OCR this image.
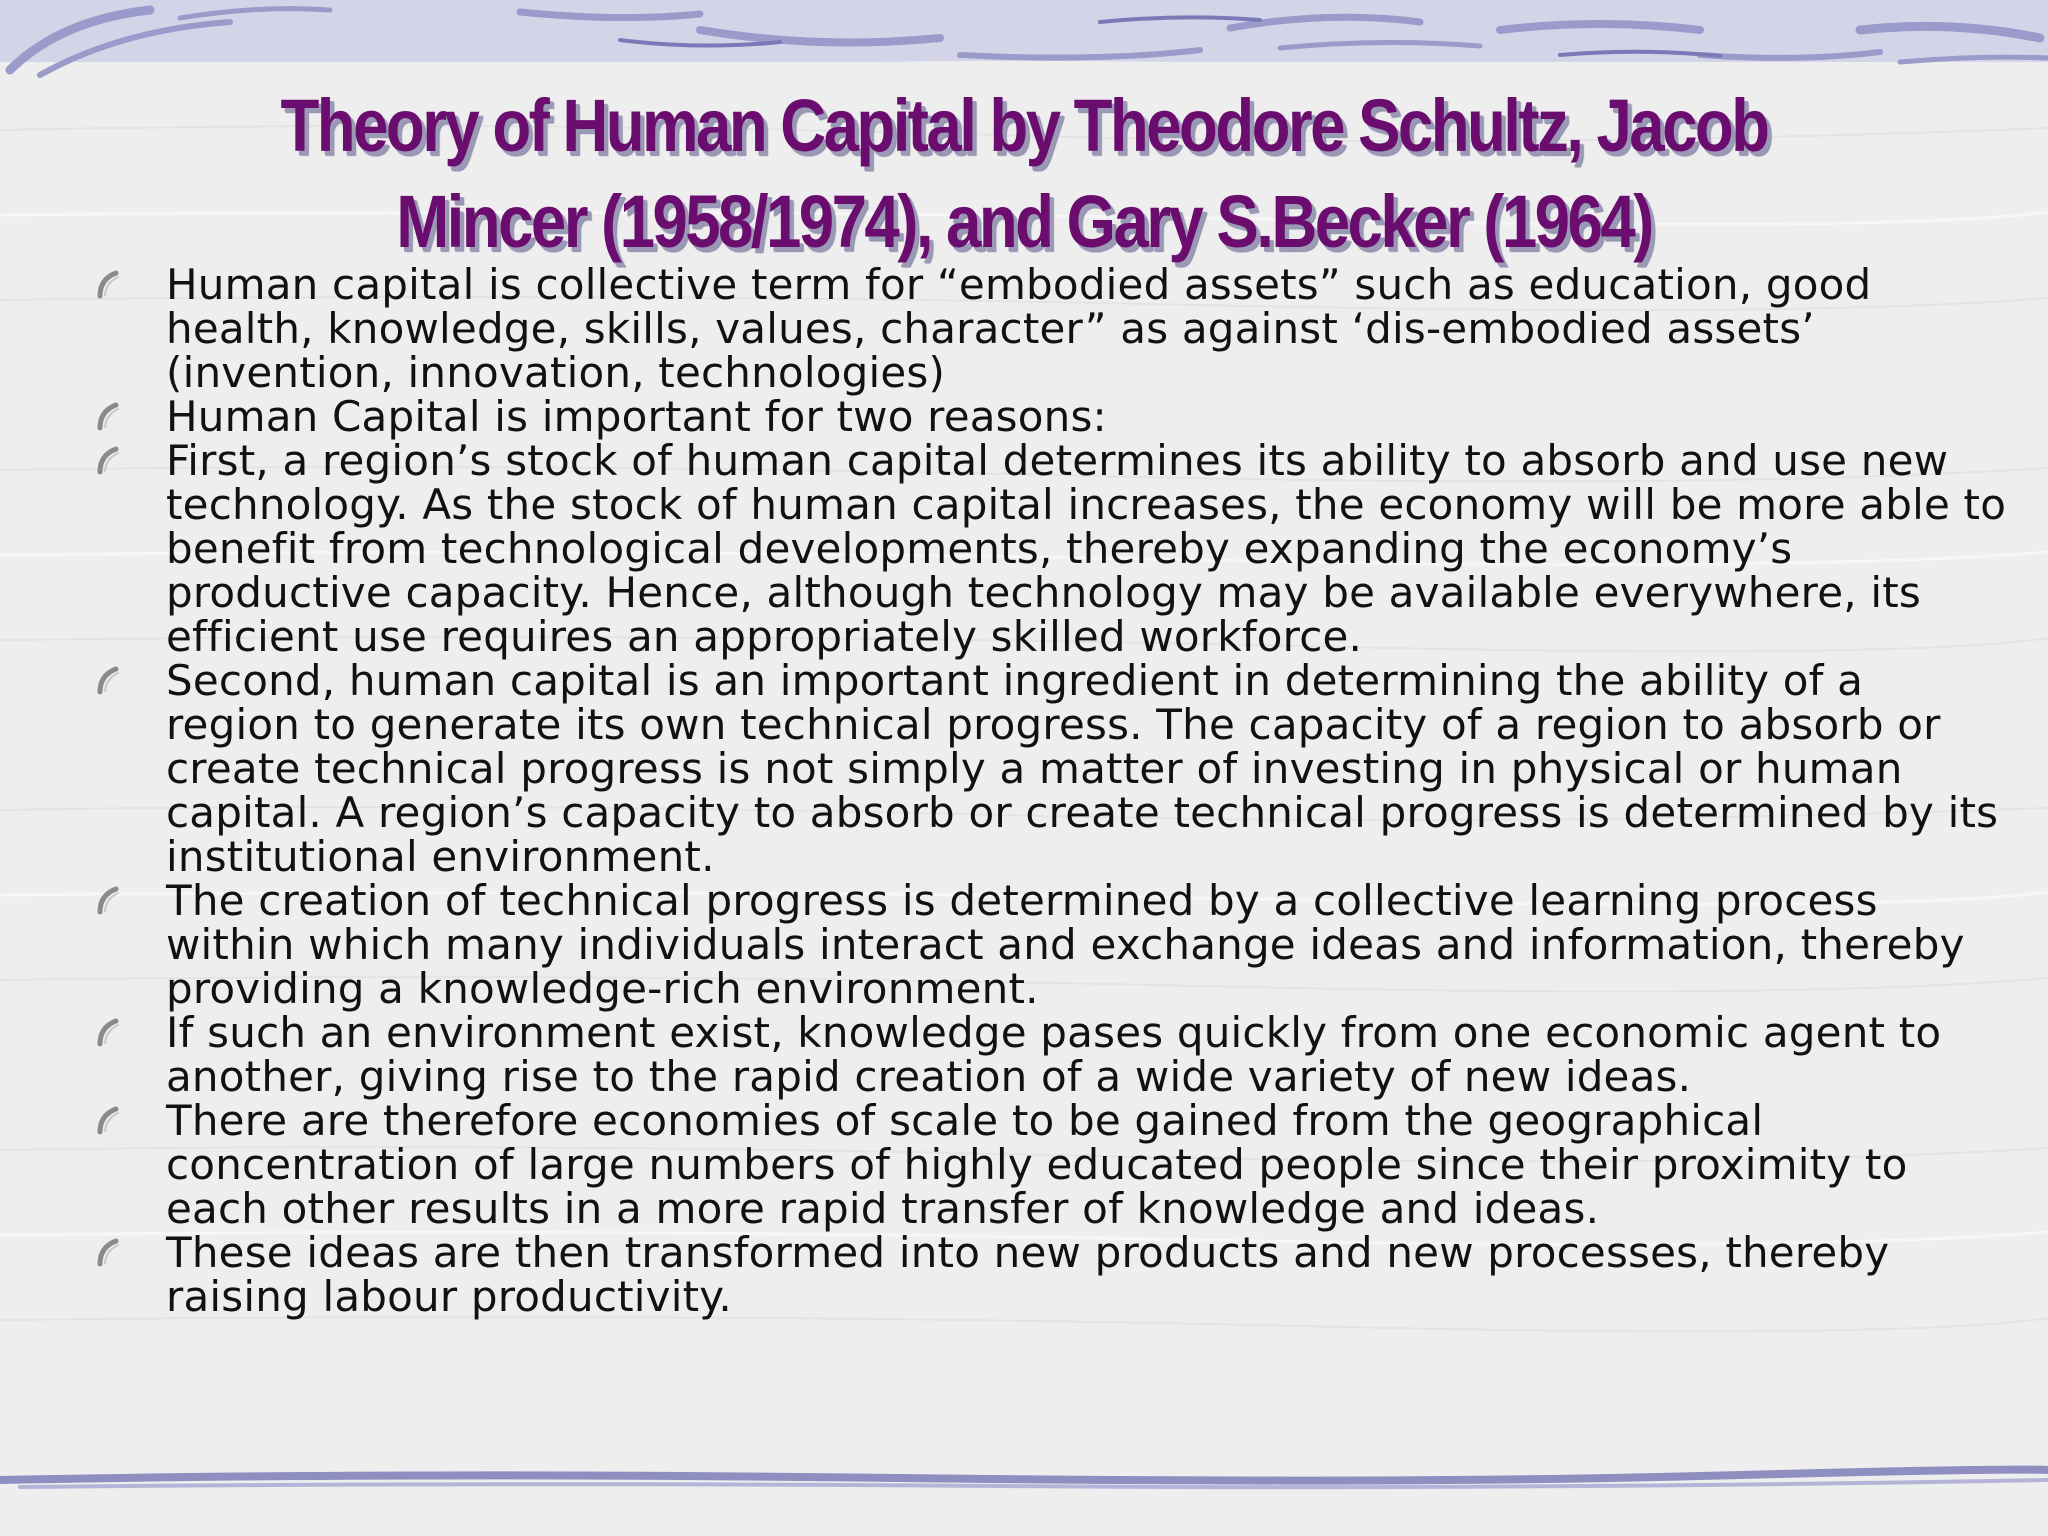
Theory of Human Capital by Theodore Schultz, Jacob Mincer (1958/1974), and Gary S.Becker (1964)
Human capital is collective term for “embodied assets” such as education, good health, knowledge, skills, values, character” as against ‘dis-embodied assets’ (invention, innovation, technologies)
Human Capital is important for two reasons:
First, a region’s stock of human capital determines its ability to absorb and use new technology. As the stock of human capital increases, the economy will be more able to benefit from technological developments, thereby expanding the economy’s productive capacity. Hence, although technology may be available everywhere, its efficient use requires an appropriately skilled workforce.
Second, human capital is an important ingredient in determining the ability of a region to generate its own technical progress. The capacity of a region to absorb or create technical progress is not simply a matter of investing in physical or human capital. A region’s capacity to absorb or create technical progress is determined by its institutional environment.
The creation of technical progress is determined by a collective learning process within which many individuals interact and exchange ideas and information, thereby providing a knowledge-rich environment.
If such an environment exist, knowledge pases quickly from one economic agent to another, giving rise to the rapid creation of a wide variety of new ideas.
There are therefore economies of scale to be gained from the geographical concentration of large numbers of highly educated people since their proximity to each other results in a more rapid transfer of knowledge and ideas.
These ideas are then transformed into new products and new processes, thereby raising labour productivity.
